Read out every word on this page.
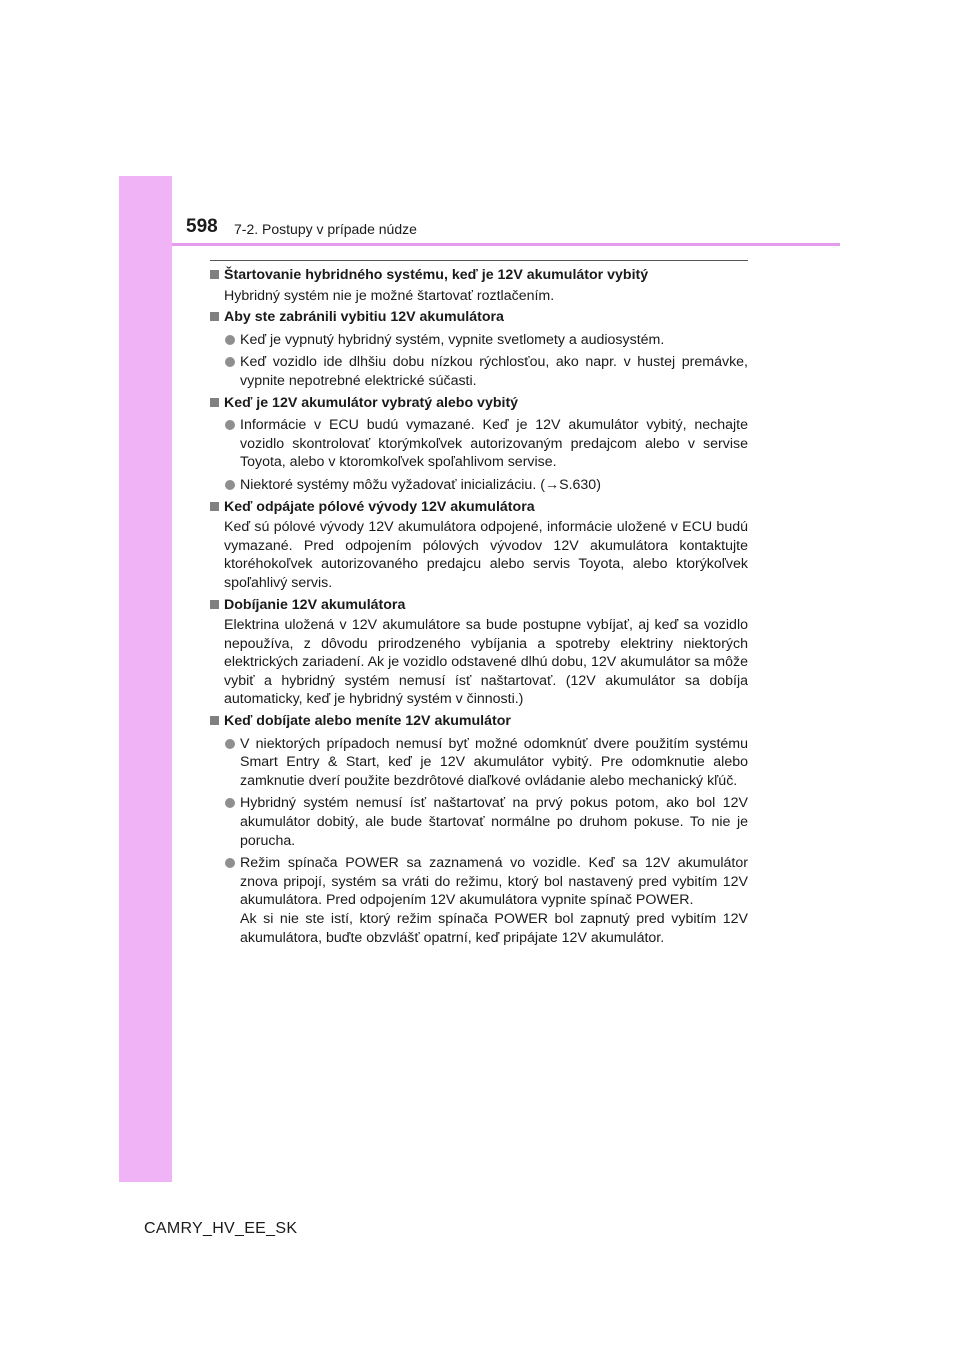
598 7-2. Postupy v prípade núdze
Štartovanie hybridného systému, keď je 12V akumulátor vybitý
Hybridný systém nie je možné štartovať roztlačením.
Aby ste zabránili vybitiu 12V akumulátora
Keď je vypnutý hybridný systém, vypnite svetlomety a audiosystém.
Keď vozidlo ide dlhšiu dobu nízkou rýchlosťou, ako napr. v hustej premávke, vypnite nepotrebné elektrické súčasti.
Keď je 12V akumulátor vybratý alebo vybitý
Informácie v ECU budú vymazané. Keď je 12V akumulátor vybitý, nechajte vozidlo skontrolovať ktorýmkoľvek autorizovaným predajcom alebo v servise Toyota, alebo v ktoromkoľvek spoľahlivom servise.
Niektoré systémy môžu vyžadovať inicializáciu. (→S.630)
Keď odpájate pólové vývody 12V akumulátora
Keď sú pólové vývody 12V akumulátora odpojené, informácie uložené v ECU budú vymazané. Pred odpojením pólových vývodov 12V akumulátora kontaktujte ktoréhokoľvek autorizovaného predajcu alebo servis Toyota, alebo ktorýkoľvek spoľahlivý servis.
Dobíjanie 12V akumulátora
Elektrina uložená v 12V akumulátore sa bude postupne vybíjať, aj keď sa vozidlo nepoužíva, z dôvodu prirodzeného vybíjania a spotreby elektriny niektorých elektrických zariadení. Ak je vozidlo odstavené dlhú dobu, 12V akumulátor sa môže vybiť a hybridný systém nemusí ísť naštartovať. (12V akumulátor sa dobíja automaticky, keď je hybridný systém v činnosti.)
Keď dobíjate alebo meníte 12V akumulátor
V niektorých prípadoch nemusí byť možné odomknúť dvere použitím systému Smart Entry & Start, keď je 12V akumulátor vybitý. Pre odomknutie alebo zamknutie dverí použite bezdrôtové diaľkové ovládanie alebo mechanický kľúč.
Hybridný systém nemusí ísť naštartovať na prvý pokus potom, ako bol 12V akumulátor dobitý, ale bude štartovať normálne po druhom pokuse. To nie je porucha.
Režim spínača POWER sa zaznamená vo vozidle. Keď sa 12V akumulátor znova pripojí, systém sa vráti do režimu, ktorý bol nastavený pred vybitím 12V akumulátora. Pred odpojením 12V akumulátora vypnite spínač POWER.
Ak si nie ste istí, ktorý režim spínača POWER bol zapnutý pred vybitím 12V akumulátora, buďte obzvlášť opatrní, keď pripájate 12V akumulátor.
CAMRY_HV_EE_SK
